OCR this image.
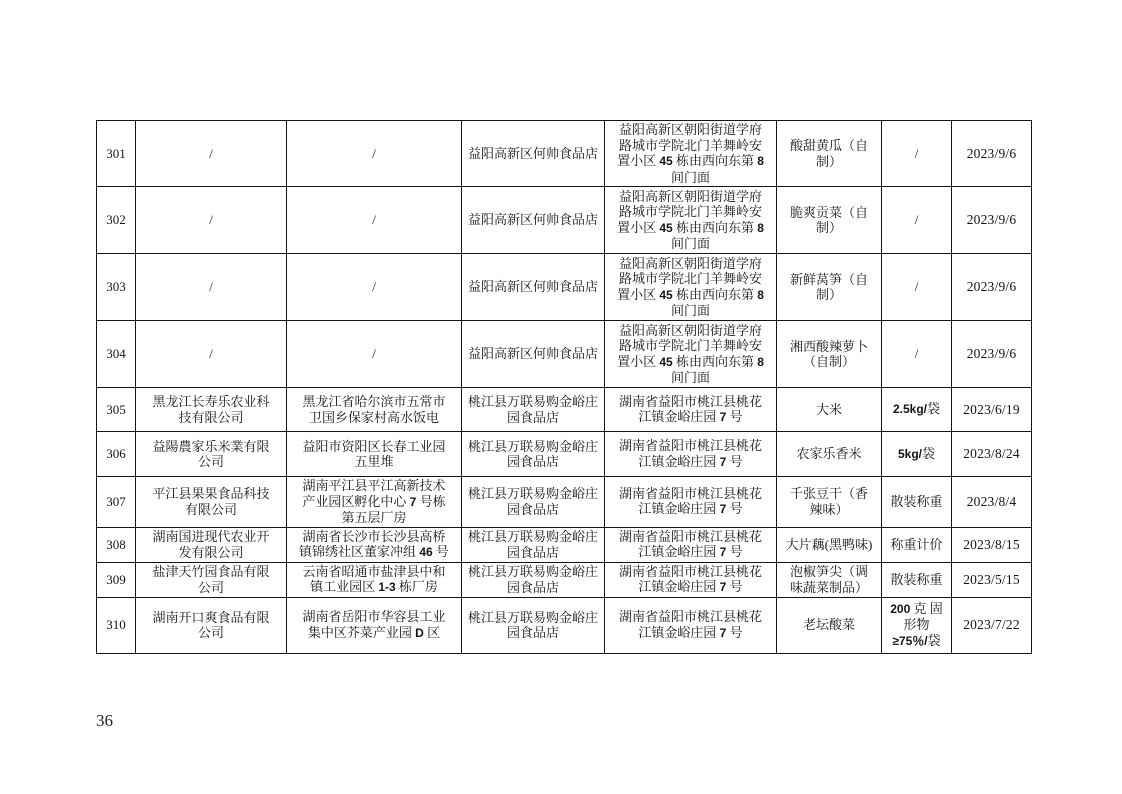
301	/	/	益阳高新区何帅食品店	益阳高新区朝阳街道学府路城市学院北门羊舞岭安置小区 45 栋由西向东第 8 间门面	酸甜黄瓜（自制）	/	2023/9/6
302	/	/	益阳高新区何帅食品店	益阳高新区朝阳街道学府路城市学院北门羊舞岭安置小区 45 栋由西向东第 8 间门面	脆爽贡菜（自制）	/	2023/9/6
303	/	/	益阳高新区何帅食品店	益阳高新区朝阳街道学府路城市学院北门羊舞岭安置小区 45 栋由西向东第 8 间门面	新鲜莴笋（自制）	/	2023/9/6
304	/	/	益阳高新区何帅食品店	益阳高新区朝阳街道学府路城市学院北门羊舞岭安置小区 45 栋由西向东第 8 间门面	湘西酸辣萝卜（自制）	/	2023/9/6
305	黑龙江长寿乐农业科技有限公司	黑龙江省哈尔滨市五常市卫国乡保家村高水饭电	桃江县万联易购金峪庄园食品店	湖南省益阳市桃江县桃花江镇金峪庄园 7 号	大米	2.5kg/袋	2023/6/19
306	益陽農家乐米業有限公司	益阳市资阳区长春工业园五里堆	桃江县万联易购金峪庄园食品店	湖南省益阳市桃江县桃花江镇金峪庄园 7 号	农家乐香米	5kg/袋	2023/8/24
307	平江县果果食品科技有限公司	湖南平江县平江高新技术产业园区孵化中心 7 号栋第五层厂房	桃江县万联易购金峪庄园食品店	湖南省益阳市桃江县桃花江镇金峪庄园 7 号	千张豆干（香辣味）	散装称重	2023/8/4
308	湖南国进现代农业开发有限公司	湖南省长沙市长沙县高桥镇锦绣社区董家冲组 46 号	桃江县万联易购金峪庄园食品店	湖南省益阳市桃江县桃花江镇金峪庄园 7 号	大片藕(黑鸭味)	称重计价	2023/8/15
309	盐津天竹园食品有限公司	云南省昭通市盐津县中和镇工业园区 1-3 栋厂房	桃江县万联易购金峪庄园食品店	湖南省益阳市桃江县桃花江镇金峪庄园 7 号	泡椒笋尖（调味蔬菜制品）	散装称重	2023/5/15
310	湖南开口爽食品有限公司	湖南省岳阳市华容县工业集中区芥菜产业园 D 区	桃江县万联易购金峪庄园食品店	湖南省益阳市桃江县桃花江镇金峪庄园 7 号	老坛酸菜	200 克 固形物 ≥75％/袋	2023/7/22
36
